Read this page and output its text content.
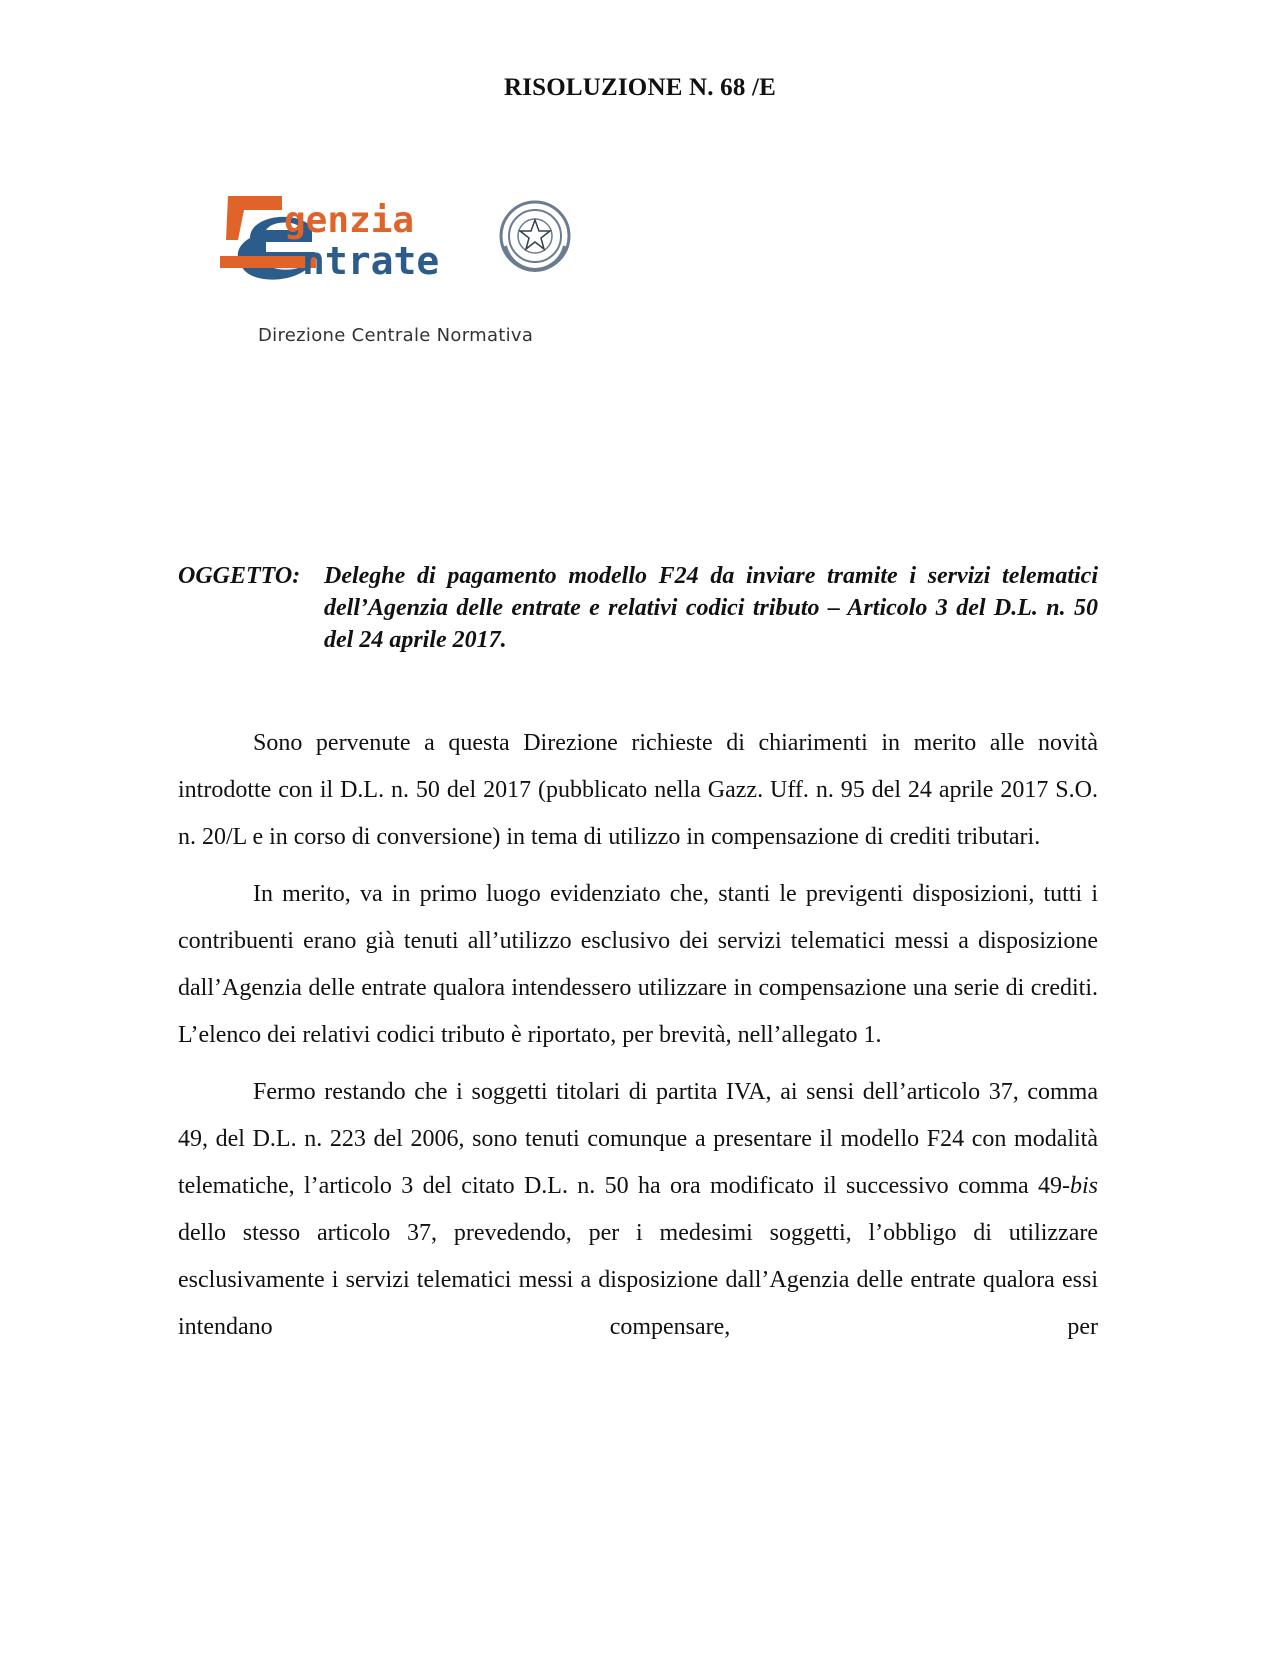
RISOLUZIONE N. 68 /E
genzia
ntrate
Direzione Centrale Normativa
OGGETTO: Deleghe di pagamento modello F24 da inviare tramite i servizi telematici dell’Agenzia delle entrate e relativi codici tributo – Articolo 3 del D.L. n. 50 del 24 aprile 2017.

Sono pervenute a questa Direzione richieste di chiarimenti in merito alle novità introdotte con il D.L. n. 50 del 2017 (pubblicato nella Gazz. Uff. n. 95 del 24 aprile 2017 S.O. n. 20/L e in corso di conversione) in tema di utilizzo in compensazione di crediti tributari.

In merito, va in primo luogo evidenziato che, stanti le previgenti disposizioni, tutti i contribuenti erano già tenuti all’utilizzo esclusivo dei servizi telematici messi a disposizione dall’Agenzia delle entrate qualora intendessero utilizzare in compensazione una serie di crediti. L’elenco dei relativi codici tributo è riportato, per brevità, nell’allegato 1.

Fermo restando che i soggetti titolari di partita IVA, ai sensi dell’articolo 37, comma 49, del D.L. n. 223 del 2006, sono tenuti comunque a presentare il modello F24 con modalità telematiche, l’articolo 3 del citato D.L. n. 50 ha ora modificato il successivo comma 49-bis dello stesso articolo 37, prevedendo, per i medesimi soggetti, l’obbligo di utilizzare esclusivamente i servizi telematici messi a disposizione dall’Agenzia delle entrate qualora essi intendano compensare, per
